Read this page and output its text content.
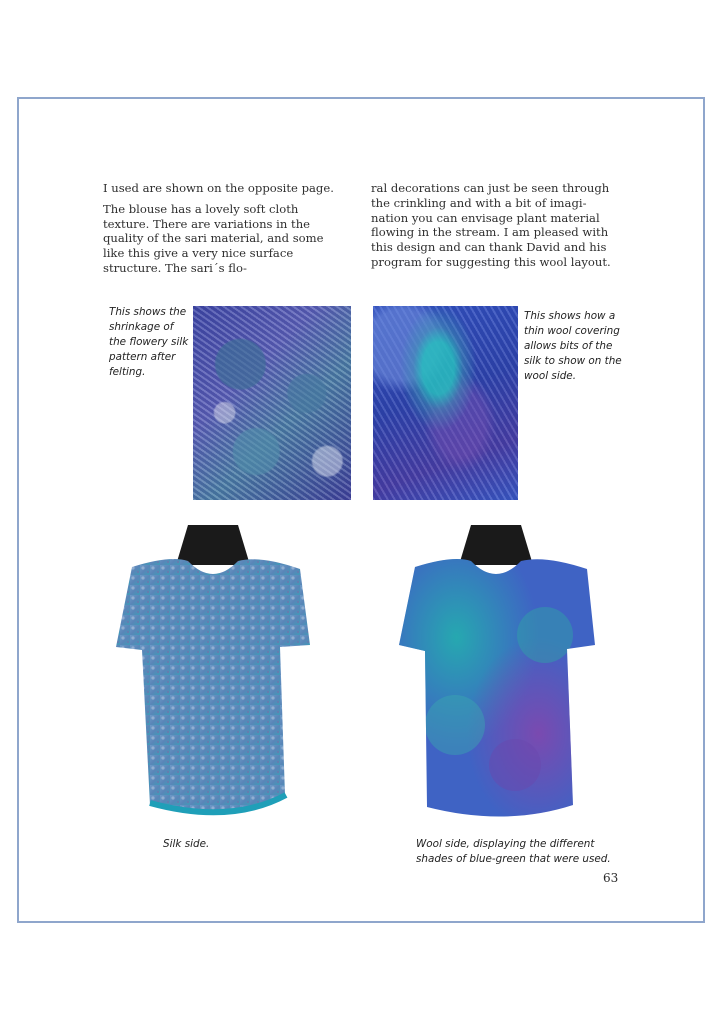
I used are shown on the opposite page.

The blouse has a lovely soft cloth texture. There are variations in the quality of the sari material, and some like this give a very nice surface structure. The sari´s flo-

ral decorations can just be seen through the crinkling and with a bit of imagi-nation you can envisage plant material flowing in the stream. I am pleased with this design and can thank David and his program for suggesting this wool layout.

This shows the shrinkage of the flowery silk pattern after felting.
This shows how a thin wool covering allows bits of the silk to show on the wool side.
Silk side.	Wool side, displaying the different shades of blue-green that were used.
63
